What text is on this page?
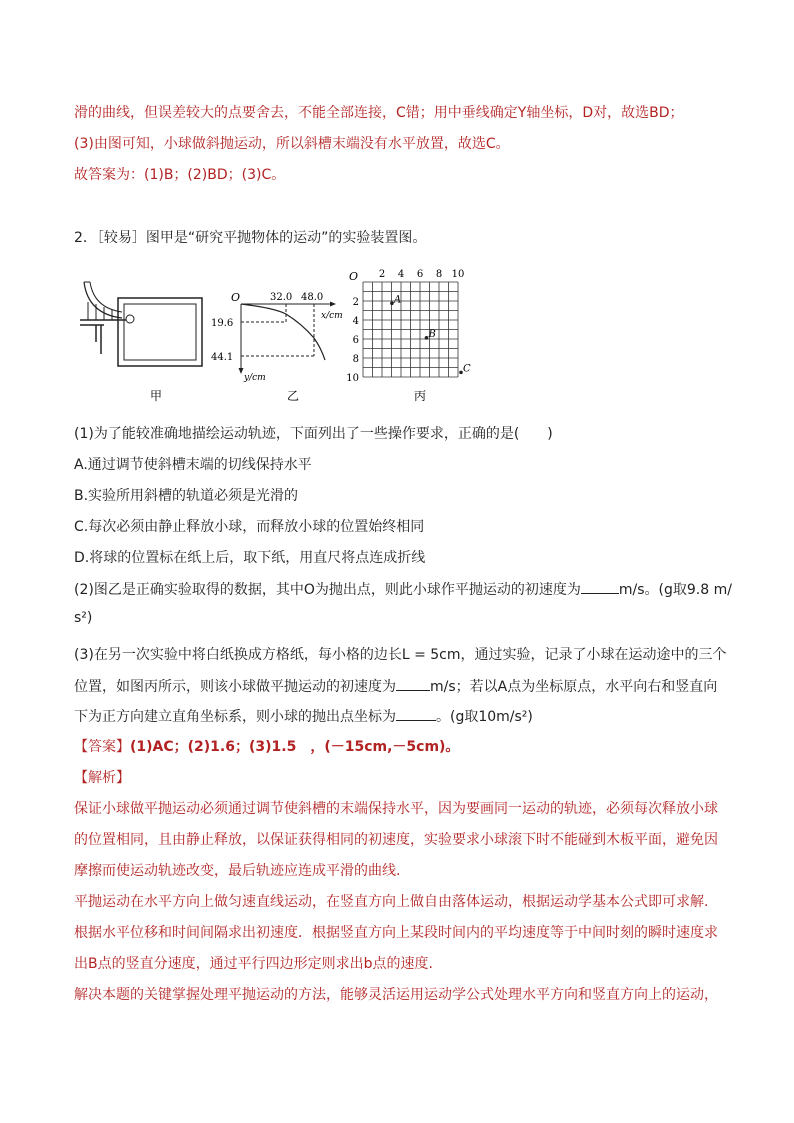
滑的曲线，但误差较大的点要舍去，不能全部连接，C错；用中垂线确定Y轴坐标，D对，故选BD；
(3)由图可知，小球做斜抛运动，所以斜槽末端没有水平放置，故选C。
故答案为：(1)B；(2)BD；(3)C。
2．［较易］图甲是“研究平抛物体的运动”的实验装置图。
甲
O	32.0 48.0
x/cm
19.6
44.1
y/cm
乙
O 2 4 6 8 10
2
4
6
8
10
A
B
C
丙
(1)为了能较准确地描绘运动轨迹，下面列出了一些操作要求，正确的是(　　)
A.通过调节使斜槽末端的切线保持水平
B.实验所用斜槽的轨道必须是光滑的
C.每次必须由静止释放小球，而释放小球的位置始终相同
D.将球的位置标在纸上后，取下纸，用直尺将点连成折线
(2)图乙是正确实验取得的数据，其中O为抛出点，则此小球作平抛运动的初速度为	m/s。(g取9.8 m/
s²)
(3)在另一次实验中将白纸换成方格纸，每小格的边长L = 5cm，通过实验，记录了小球在运动途中的三个
位置，如图丙所示，则该小球做平抛运动的初速度为 m/s；若以A点为坐标原点，水平向右和竖直向
下为正方向建立直角坐标系，则小球的抛出点坐标为	。(g取10m/s²)
【答案】(1)AC；(2)1.6；(3)1.5　，(－15cm,－5cm)。
【解析】
保证小球做平抛运动必须通过调节使斜槽的末端保持水平，因为要画同一运动的轨迹，必须每次释放小球
的位置相同，且由静止释放，以保证获得相同的初速度，实验要求小球滚下时不能碰到木板平面，避免因
摩擦而使运动轨迹改变，最后轨迹应连成平滑的曲线.
平抛运动在水平方向上做匀速直线运动，在竖直方向上做自由落体运动，根据运动学基本公式即可求解.
根据水平位移和时间间隔求出初速度．根据竖直方向上某段时间内的平均速度等于中间时刻的瞬时速度求
出B点的竖直分速度，通过平行四边形定则求出b点的速度.
解决本题的关键掌握处理平抛运动的方法，能够灵活运用运动学公式处理水平方向和竖直方向上的运动，
